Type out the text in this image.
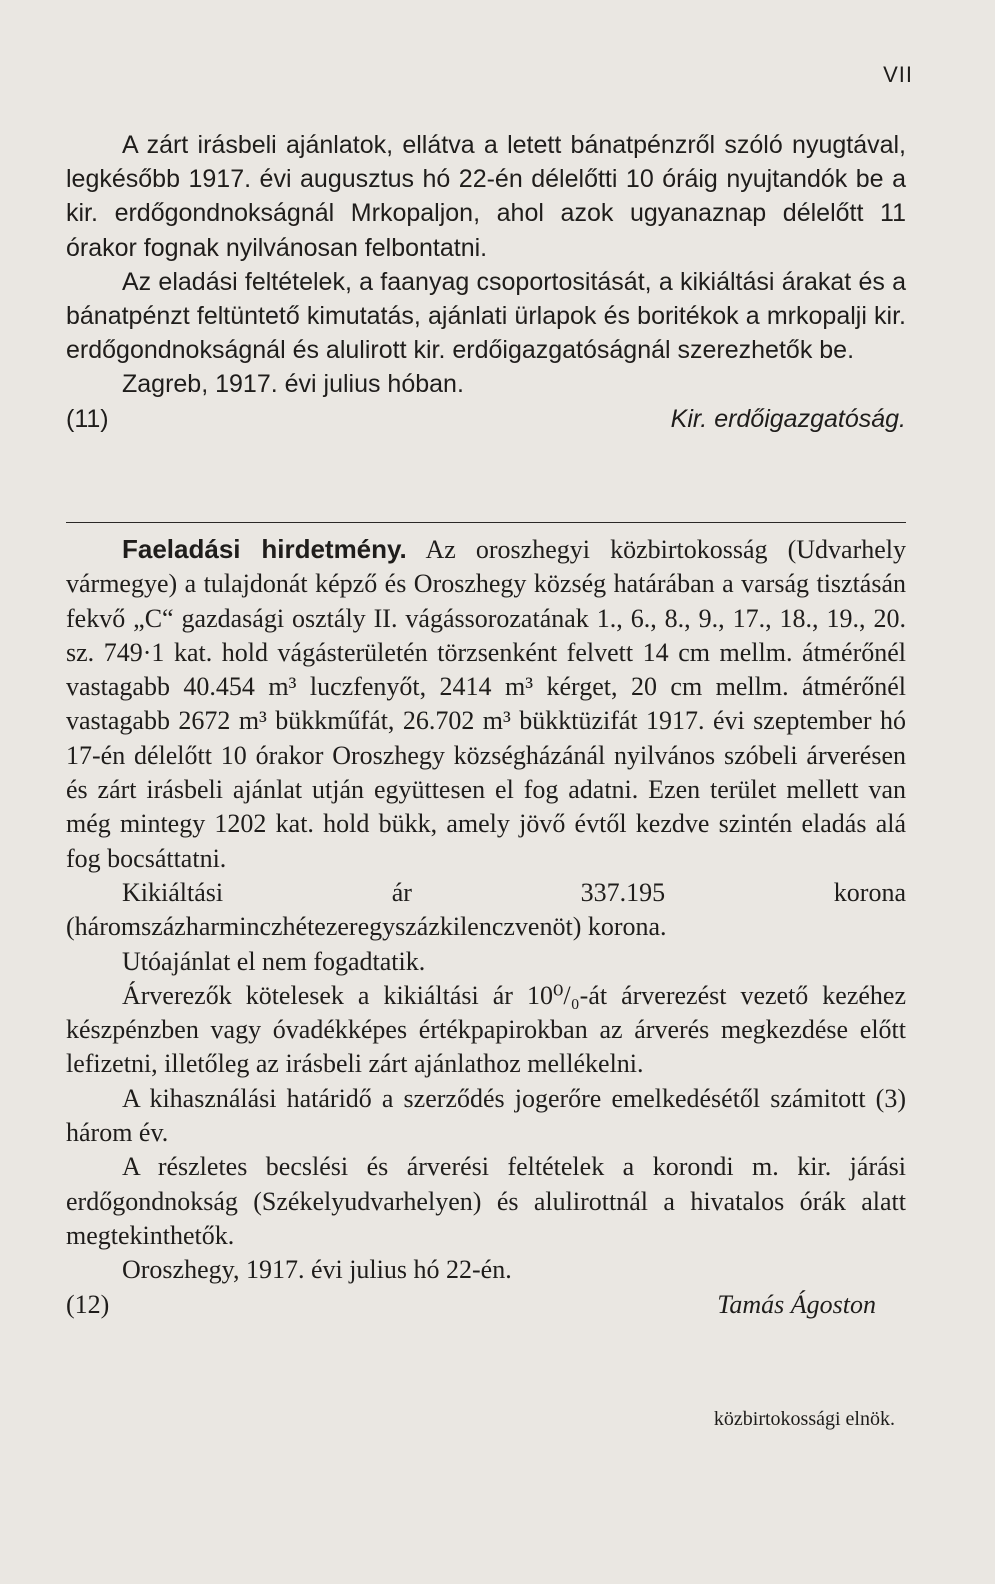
VII

A zárt irásbeli ajánlatok, ellátva a letett bánatpénzről szóló nyugtával, legkésőbb 1917. évi augusztus hó 22-én délelőtti 10 óráig nyujtandók be a kir. erdőgondnokságnál Mrkopaljon, ahol azok ugyanaznap délelőtt 11 órakor fognak nyilvánosan felbontatni.

Az eladási feltételek, a faanyag csoportositását, a kikiáltási árakat és a bánatpénzt feltüntető kimutatás, ajánlati ürlapok és boritékok a mrkopalji kir. erdőgondnokságnál és alulirott kir. erdőigazgatóságnál szerezhetők be.

Zagreb, 1917. évi julius hóban.

(11)	Kir. erdőigazgatóság.

Faeladási hirdetmény. Az oroszhegyi közbirtokosság (Udvarhely vármegye) a tulajdonát képző és Oroszhegy község határában a varság tisztásán fekvő „C“ gazdasági osztály II. vágássorozatának 1., 6., 8., 9., 17., 18., 19., 20. sz. 749·1 kat. hold vágásterületén törzsenként felvett 14 cm mellm. átmérőnél vastagabb 40.454 m³ luczfenyőt, 2414 m³ kérget, 20 cm mellm. átmérőnél vastagabb 2672 m³ bükkműfát, 26.702 m³ bükktüzifát 1917. évi szeptember hó 17-én délelőtt 10 órakor Oroszhegy községházánál nyilvános szóbeli árverésen és zárt irásbeli ajánlat utján együttesen el fog adatni. Ezen terület mellett van még mintegy 1202 kat. hold bükk, amely jövő évtől kezdve szintén eladás alá fog bocsáttatni.

Kikiáltási ár 337.195 korona (háromszázharminczhétezeregyszázkilenczvenöt) korona.

Utóajánlat el nem fogadtatik.

Árverezők kötelesek a kikiáltási ár 10⁰/₀-át árverezést vezető kezéhez készpénzben vagy óvadékképes értékpapirokban az árverés megkezdése előtt lefizetni, illetőleg az irásbeli zárt ajánlathoz mellékelni.

A kihasználási határidő a szerződés jogerőre emelkedésétől számitott (3) három év.

A részletes becslési és árverési feltételek a korondi m. kir. járási erdőgondnokság (Székelyudvarhelyen) és alulirottnál a hivatalos órák alatt megtekinthetők.

Oroszhegy, 1917. évi julius hó 22-én.

(12)	Tamás Ágoston
közbirtokossági elnök.
